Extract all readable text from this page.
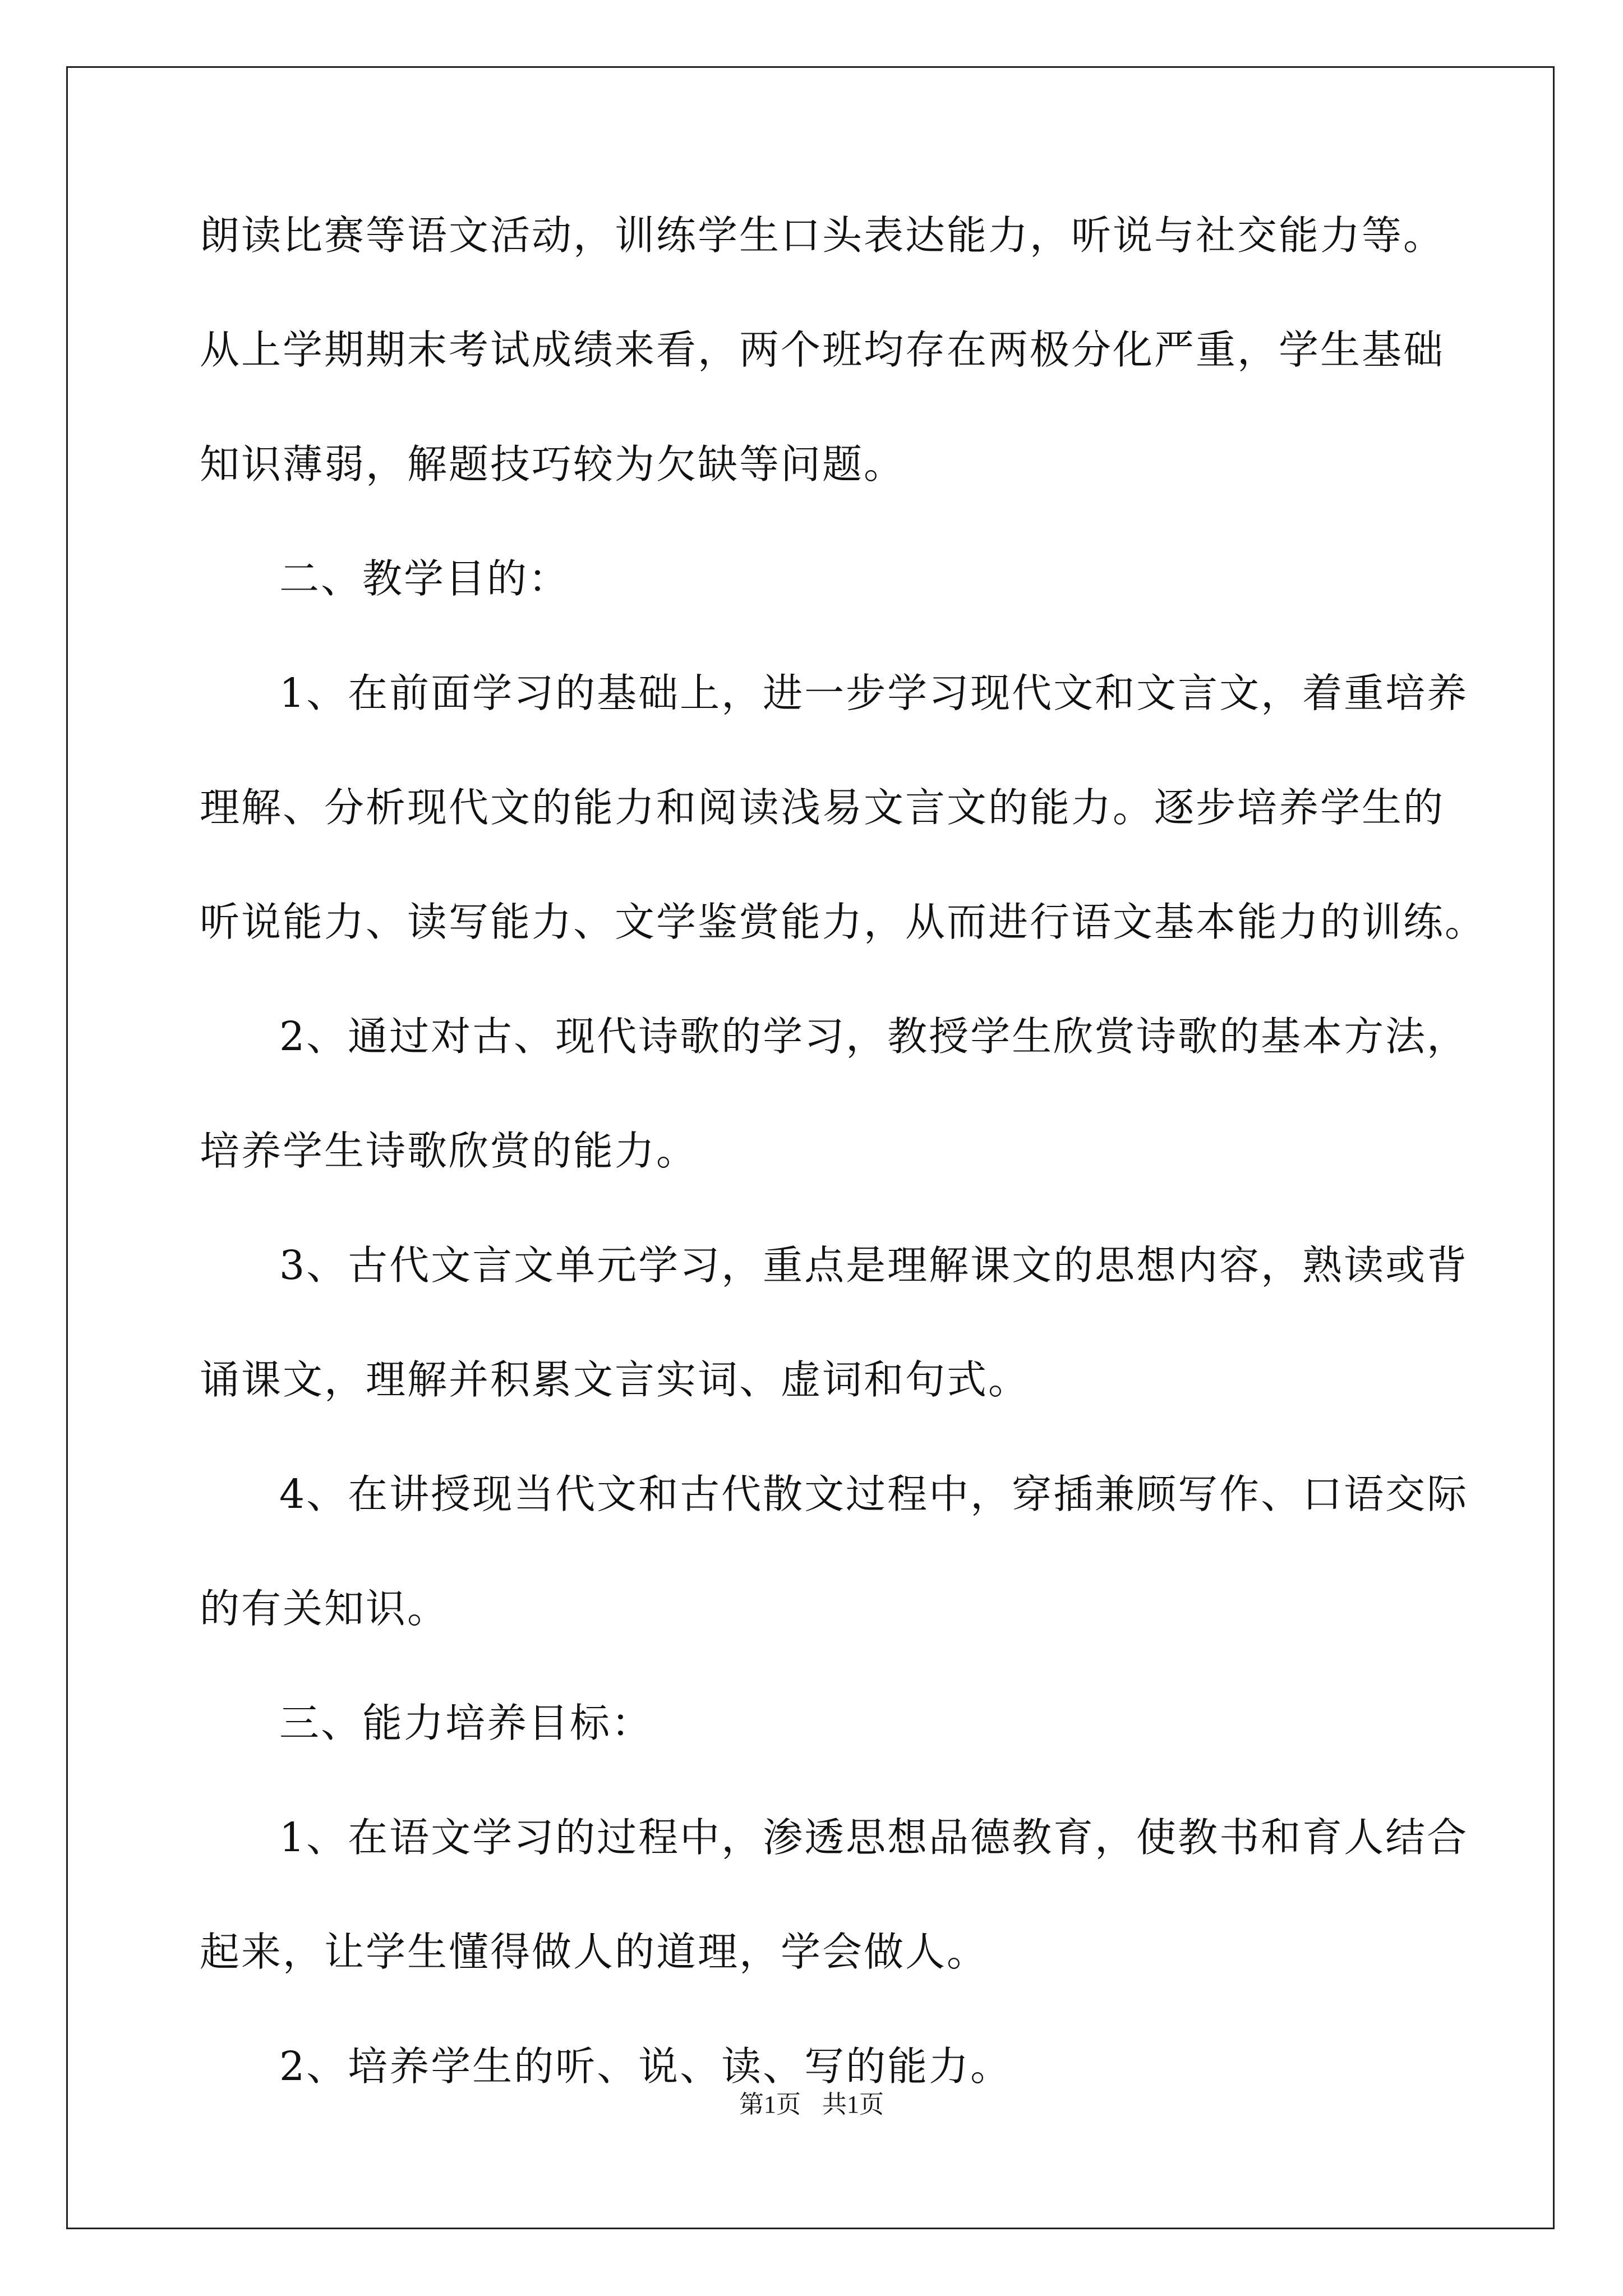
朗读比赛等语文活动，训练学生口头表达能力，听说与社交能力等。
从上学期期末考试成绩来看，两个班均存在两极分化严重，学生基础
知识薄弱，解题技巧较为欠缺等问题。
二、教学目的：
1、在前面学习的基础上，进一步学习现代文和文言文，着重培养
理解、分析现代文的能力和阅读浅易文言文的能力。逐步培养学生的
听说能力、读写能力、文学鉴赏能力，从而进行语文基本能力的训练。
2、通过对古、现代诗歌的学习，教授学生欣赏诗歌的基本方法，
培养学生诗歌欣赏的能力。
3、古代文言文单元学习，重点是理解课文的思想内容，熟读或背
诵课文，理解并积累文言实词、虚词和句式。
4、在讲授现当代文和古代散文过程中，穿插兼顾写作、口语交际
的有关知识。
三、能力培养目标：
1、在语文学习的过程中，渗透思想品德教育，使教书和育人结合
起来，让学生懂得做人的道理，学会做人。
2、培养学生的听、说、读、写的能力。
第1页 共1页
